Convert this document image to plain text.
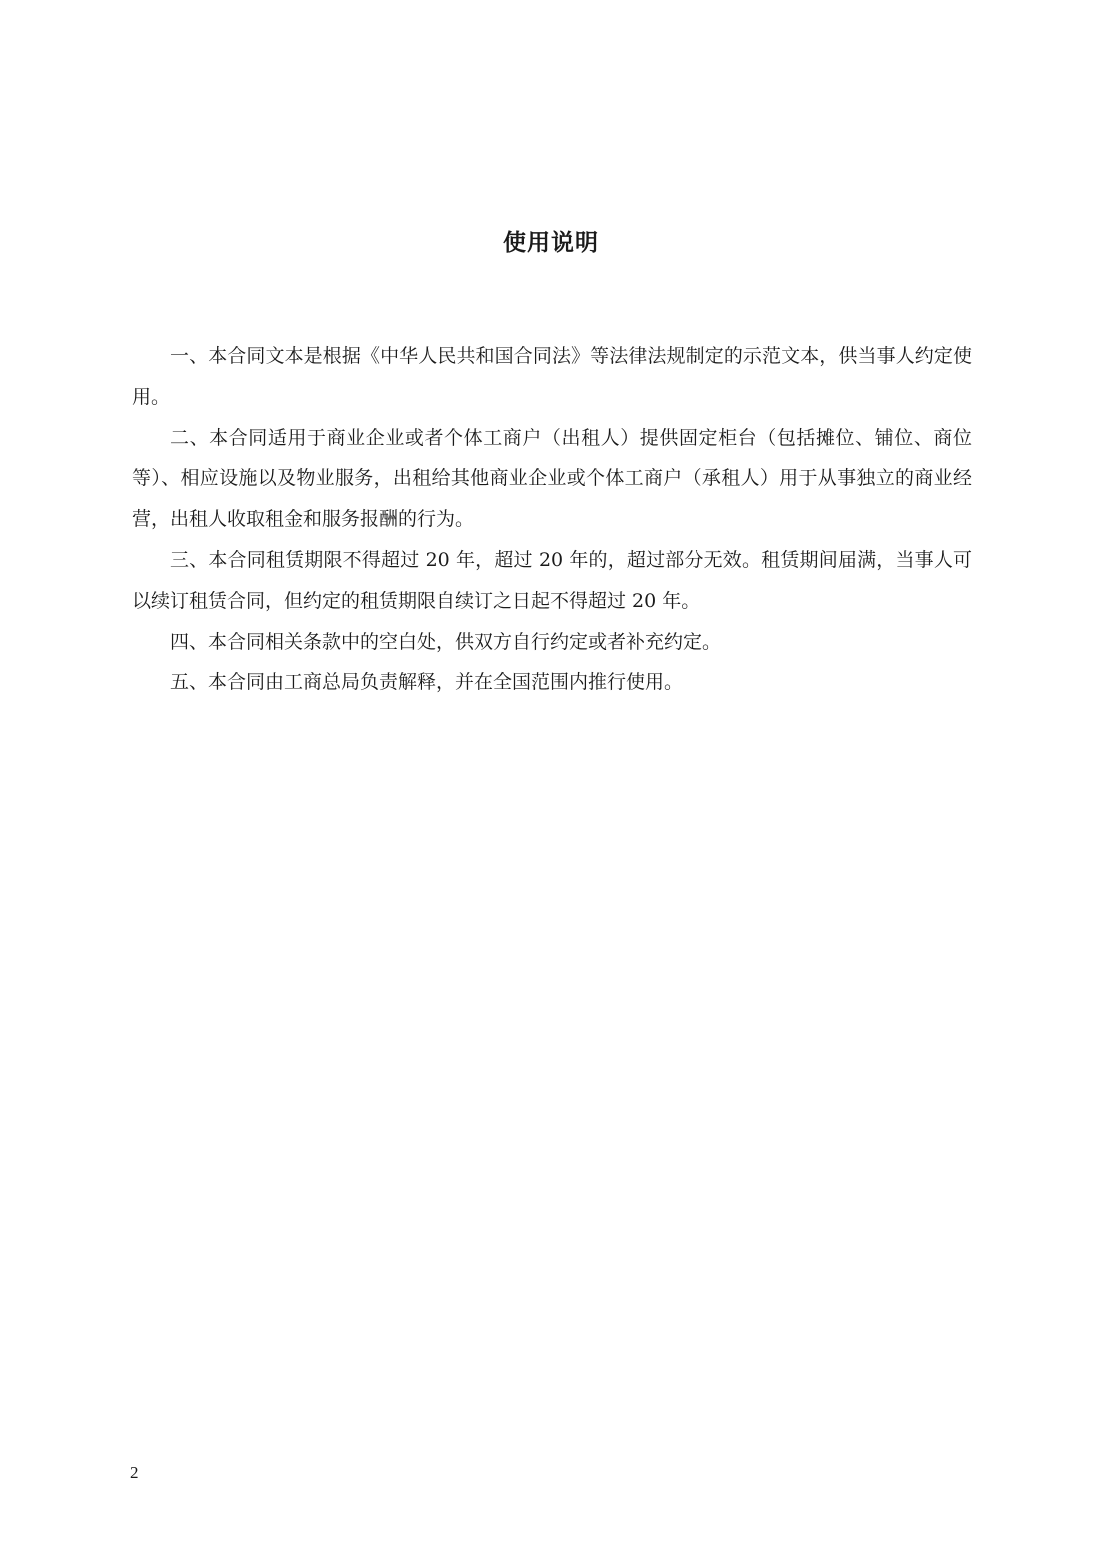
使用说明

一、本合同文本是根据《中华人民共和国合同法》等法律法规制定的示范文本，供当事人约定使用。

二、本合同适用于商业企业或者个体工商户（出租人）提供固定柜台（包括摊位、铺位、商位等）、相应设施以及物业服务，出租给其他商业企业或个体工商户（承租人）用于从事独立的商业经营，出租人收取租金和服务报酬的行为。

三、本合同租赁期限不得超过 20 年，超过 20 年的，超过部分无效。租赁期间届满，当事人可以续订租赁合同，但约定的租赁期限自续订之日起不得超过 20 年。

四、本合同相关条款中的空白处，供双方自行约定或者补充约定。

五、本合同由工商总局负责解释，并在全国范围内推行使用。

2
